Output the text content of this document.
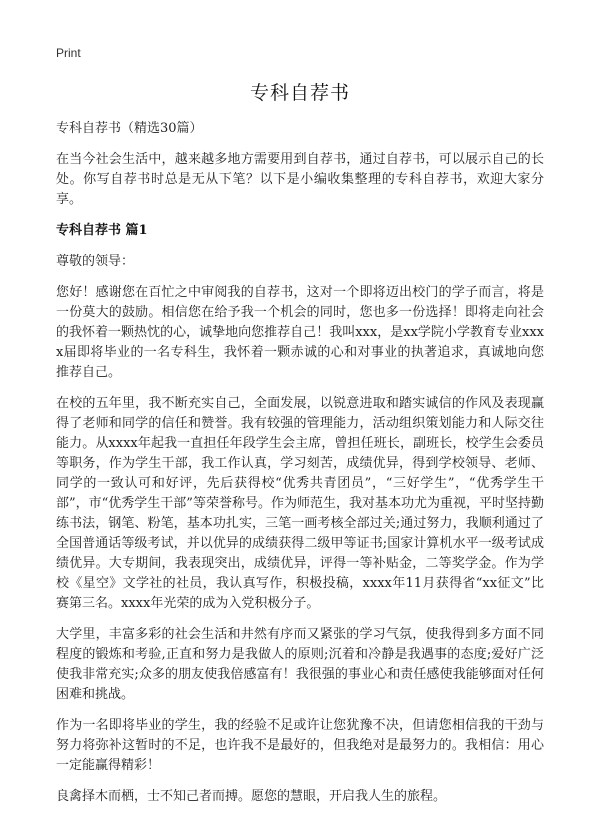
Print
专科自荐书

专科自荐书（精选30篇）

在当今社会生活中，越来越多地方需要用到自荐书，通过自荐书，可以展示自己的长处。你写自荐书时总是无从下笔？以下是小编收集整理的专科自荐书，欢迎大家分享。

专科自荐书 篇1

尊敬的领导：

您好！感谢您在百忙之中审阅我的自荐书，这对一个即将迈出校门的学子而言，将是一份莫大的鼓励。相信您在给予我一个机会的同时，您也多一份选择！即将走向社会的我怀着一颗热忱的心，诚挚地向您推荐自己！我叫xxx，是xx学院小学教育专业xxxx届即将毕业的一名专科生，我怀着一颗赤诚的心和对事业的执著追求，真诚地向您推荐自己。

在校的五年里，我不断充实自己，全面发展，以锐意进取和踏实诚信的作风及表现赢得了老师和同学的信任和赞誉。我有较强的管理能力，活动组织策划能力和人际交往能力。从xxxx年起我一直担任年段学生会主席，曾担任班长，副班长，校学生会委员等职务，作为学生干部，我工作认真，学习刻苦，成绩优异，得到学校领导、老师、同学的一致认可和好评，先后获得校“优秀共青团员”，“三好学生”，“优秀学生干部”，市“优秀学生干部”等荣誉称号。作为师范生，我对基本功尤为重视，平时坚持勤练书法，钢笔、粉笔，基本功扎实，三笔一画考核全部过关;通过努力，我顺利通过了全国普通话等级考试，并以优异的成绩获得二级甲等证书;国家计算机水平一级考试成绩优异。大专期间，我表现突出，成绩优异，评得一等补贴金，二等奖学金。作为学校《星空》文学社的社员，我认真写作，积极投稿，xxxx年11月获得省“xx征文”比赛第三名。xxxx年光荣的成为入党积极分子。

大学里，丰富多彩的社会生活和井然有序而又紧张的学习气氛，使我得到多方面不同程度的锻炼和考验,正直和努力是我做人的原则;沉着和冷静是我遇事的态度;爱好广泛使我非常充实;众多的朋友使我倍感富有！我很强的事业心和责任感使我能够面对任何困难和挑战。

作为一名即将毕业的学生，我的经验不足或许让您犹豫不决，但请您相信我的干劲与努力将弥补这暂时的不足，也许我不是最好的，但我绝对是最努力的。我相信：用心一定能赢得精彩！

良禽择木而栖，士不知己者而搏。愿您的慧眼，开启我人生的旅程。
